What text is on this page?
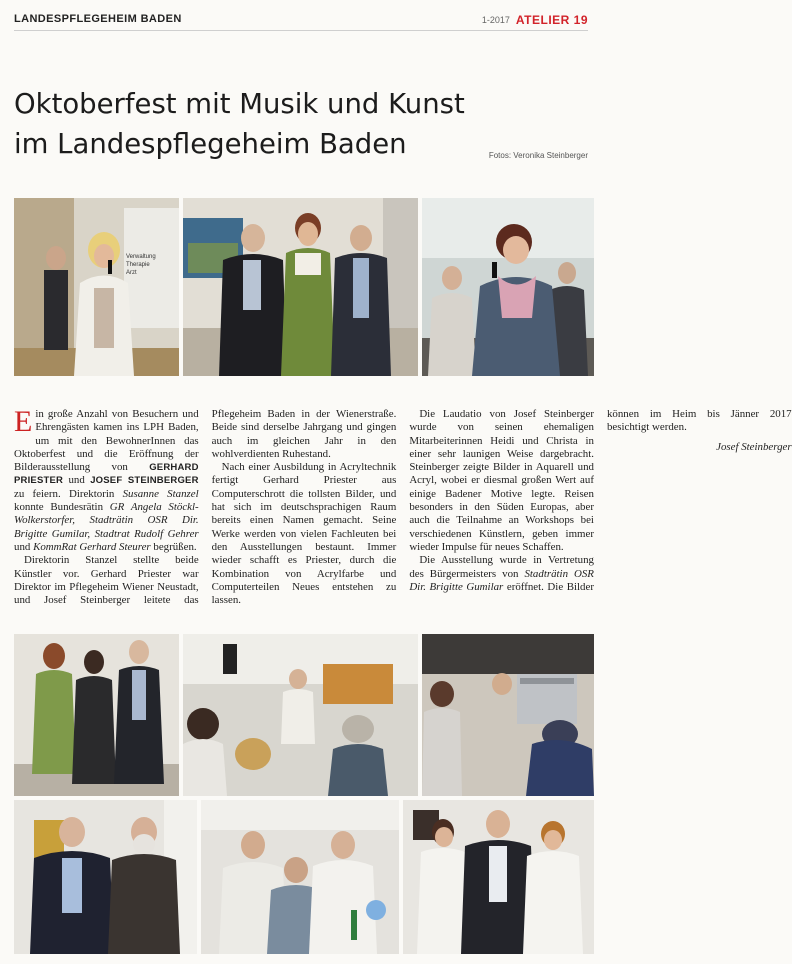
LANDESPFLEGEHEIM BADEN	1-2017 ATELIER 19
Oktoberfest mit Musik und Kunst
im Landespflegeheim Baden	Fotos: Veronika Steinberger
Verwaltung
Therapie
Arzt

Ein große Anzahl von Besuchern und Ehrengästen kamen ins LPH Baden, um mit den BewohnerInnen das Oktoberfest und die Eröffnung der Bilderausstellung von GERHARD PRIESTER und JOSEF STEINBERGER zu feiern. Direktorin Susanne Stanzel konnte Bundesrätin GR Angela Stöckl-Wolkerstorfer, Stadträtin OSR Dir. Brigitte Gumilar, Stadtrat Rudolf Gehrer und KommRat Gerhard Steurer begrüßen.

Direktorin Stanzel stellte beide Künstler vor. Gerhard Priester war Direktor im Pflegeheim Wiener Neustadt, und Josef Steinberger leitete das Pflegeheim Baden in der Wienerstraße. Beide sind derselbe Jahrgang und gingen auch im gleichen Jahr in den wohlverdienten Ruhestand.

Nach einer Ausbildung in Acryltechnik fertigt Gerhard Priester aus Computerschrott die tollsten Bilder, und hat sich im deutschsprachigen Raum bereits einen Namen gemacht. Seine Werke werden von vielen Fachleuten bei den Ausstellungen bestaunt. Immer wieder schafft es Priester, durch die Kombination von Acrylfarbe und Computerteilen Neues entstehen zu lassen.

Die Laudatio von Josef Steinberger wurde von seinen ehemaligen Mitarbeiterinnen Heidi und Christa in einer sehr launigen Weise dargebracht. Steinberger zeigte Bilder in Aquarell und Acryl, wobei er diesmal großen Wert auf einige Badener Motive legte. Reisen besonders in den Süden Europas, aber auch die Teilnahme an Workshops bei verschiedenen Künstlern, geben immer wieder Impulse für neues Schaffen.

Die Ausstellung wurde in Vertretung des Bürgermeisters von Stadträtin OSR Dir. Brigitte Gumilar eröffnet. Die Bilder können im Heim bis Jänner 2017 besichtigt werden.

Josef Steinberger
